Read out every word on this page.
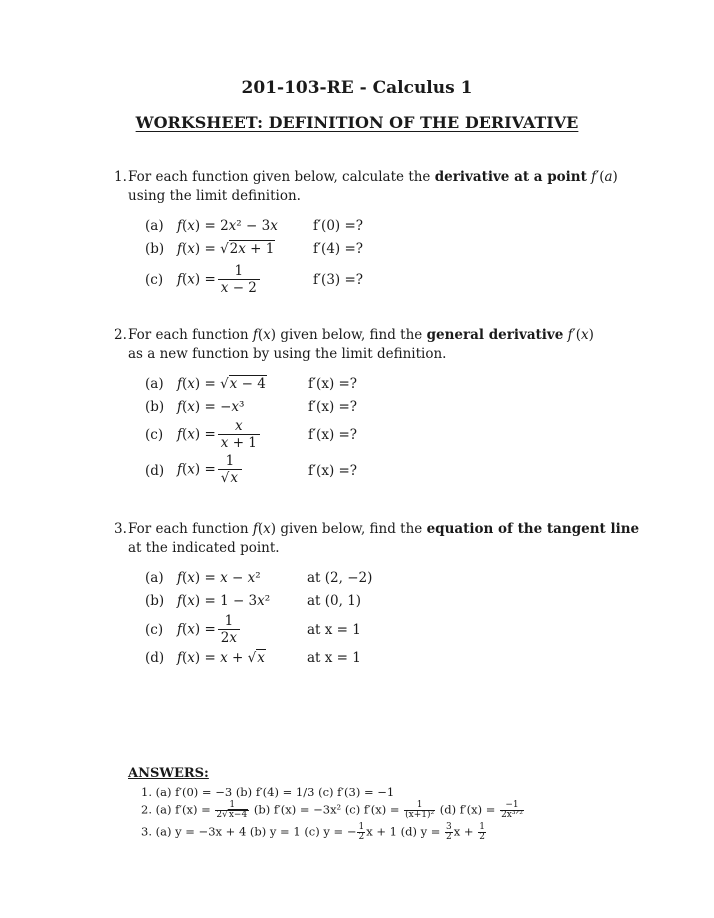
201-103-RE - Calculus 1
WORKSHEET: DEFINITION OF THE DERIVATIVE
1. For each function given below, calculate the derivative at a point f′(a)
using the limit definition.
(a) f(x) = 2x² − 3x	f′(0) =?
(b) f(x) = √2x + 1	f′(4) =?
(c) $f(x) = \frac{1}{x - 2}$	f′(3) =?
2. For each function f(x) given below, find the general derivative f′(x)
as a new function by using the limit definition.
(a) f(x) = √x − 4	f′(x) =?
(b) f(x) = −x³	f′(x) =?
(c) $f(x) = \frac{x}{x + 1}$	f′(x) =?
(d) $f(x) = \frac{1}{√x}$	f′(x) =?
3. For each function f(x) given below, find the equation of the tangent line
at the indicated point.
(a) f(x) = x − x²	at (2, −2)
(b) f(x) = 1 − 3x²	at (0, 1)
(c) $f(x) = \frac{1}{2x}$	at x = 1
(d) f(x) = x + √x	at x = 1
ANSWERS:
1. (a) f′(0) = −3 (b) f′(4) = 1/3 (c) f′(3) = −1
2. (a) $f'(x) = \frac{1}{2√x-4} (b) f'(x) = -3x^2$ (c) $f'(x) = \frac{1}{\text{(x+1)²}} (d) f'(x) = -1$
2x³ᐟ²
3. (a) y = −3x + 4 (b) y = 1 (c) y = − $\frac{1}{2}$ x + 1 (d) $y = \frac{3}{2}$ $x + \frac{1}{2}$
